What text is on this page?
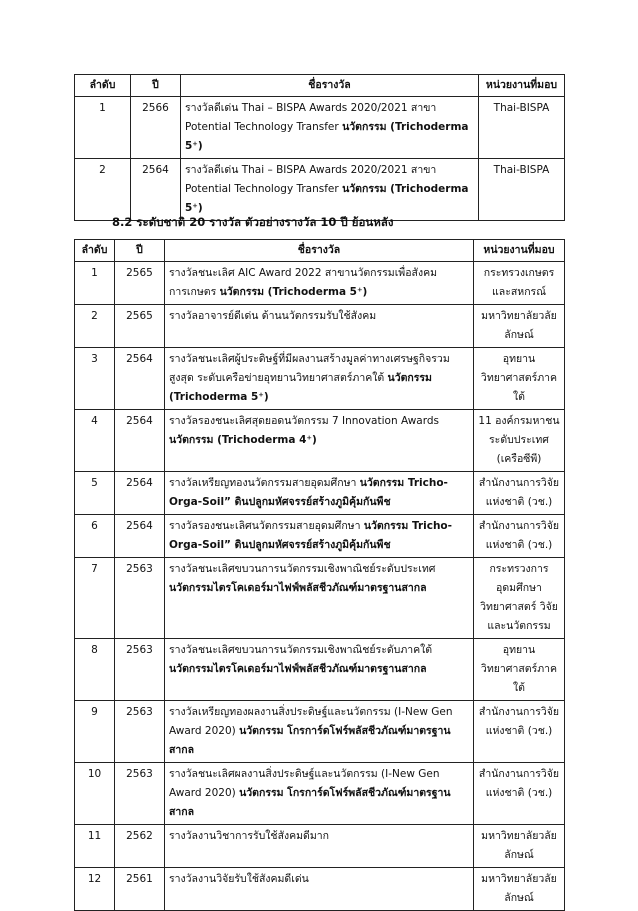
ลำดับ	ปี	ชื่อรางวัล	หน่วยงานที่มอบ
1	2566	รางวัลดีเด่น Thai – BISPA Awards 2020/2021 สาขา Potential Technology Transfer นวัตกรรม (Trichoderma 5⁺)	Thai-BISPA
2	2564	รางวัลดีเด่น Thai – BISPA Awards 2020/2021 สาขา Potential Technology Transfer นวัตกรรม (Trichoderma 5⁺)	Thai-BISPA
8.2 ระดับชาติ 20 รางวัล ตัวอย่างรางวัล 10 ปี ย้อนหลัง
ลำดับ	ปี	ชื่อรางวัล	หน่วยงานที่มอบ
1	2565	รางวัลชนะเลิศ AIC Award 2022 สาขานวัตกรรมเพื่อสังคมการเกษตร นวัตกรรม (Trichoderma 5⁺)	กระทรวงเกษตรและสหกรณ์
2	2565	รางวัลอาจารย์ดีเด่น ด้านนวัตกรรมรับใช้สังคม	มหาวิทยาลัยวลัยลักษณ์
3	2564	รางวัลชนะเลิศผู้ประดิษฐ์ที่มีผลงานสร้างมูลค่าทางเศรษฐกิจรวมสูงสุด ระดับเครือข่ายอุทยานวิทยาศาสตร์ภาคใต้ นวัตกรรม (Trichoderma 5⁺)	อุทยานวิทยาศาสตร์ภาคใต้
4	2564	รางวัลรองชนะเลิศสุดยอดนวัตกรรม 7 Innovation Awards นวัตกรรม (Trichoderma 4⁺)	11 องค์กรมหาชนระดับประเทศ (เครือซีพี)
5	2564	รางวัลเหรียญทองนวัตกรรมสายอุดมศึกษา นวัตกรรม Tricho-Orga-Soil” ดินปลูกมหัศจรรย์สร้างภูมิคุ้มกันพืช	สำนักงานการวิจัยแห่งชาติ (วช.)
6	2564	รางวัลรองชนะเลิศนวัตกรรมสายอุดมศึกษา นวัตกรรม Tricho-Orga-Soil” ดินปลูกมหัศจรรย์สร้างภูมิคุ้มกันพืช	สำนักงานการวิจัยแห่งชาติ (วช.)
7	2563	รางวัลชนะเลิศขบวนการนวัตกรรมเชิงพาณิชย์ระดับประเทศ นวัตกรรมไตรโคเดอร์มาไฟฟ์พลัสชีวภัณฑ์มาตรฐานสากล	กระทรวงการอุดมศึกษา วิทยาศาสตร์ วิจัยและนวัตกรรม
8	2563	รางวัลชนะเลิศขบวนการนวัตกรรมเชิงพาณิชย์ระดับภาคใต้ นวัตกรรมไตรโคเดอร์มาไฟฟ์พลัสชีวภัณฑ์มาตรฐานสากล	อุทยานวิทยาศาสตร์ภาคใต้
9	2563	รางวัลเหรียญทองผลงานสิ่งประดิษฐ์และนวัตกรรม (I-New Gen Award 2020) นวัตกรรม โกรการ์ดโฟร์พลัสชีวภัณฑ์มาตรฐานสากล	สำนักงานการวิจัยแห่งชาติ (วช.)
10	2563	รางวัลชนะเลิศผลงานสิ่งประดิษฐ์และนวัตกรรม (I-New Gen Award 2020) นวัตกรรม โกรการ์ดโฟร์พลัสชีวภัณฑ์มาตรฐานสากล	สำนักงานการวิจัยแห่งชาติ (วช.)
11	2562	รางวัลงานวิชาการรับใช้สังคมดีมาก	มหาวิทยาลัยวลัยลักษณ์
12	2561	รางวัลงานวิจัยรับใช้สังคมดีเด่น	มหาวิทยาลัยวลัยลักษณ์
